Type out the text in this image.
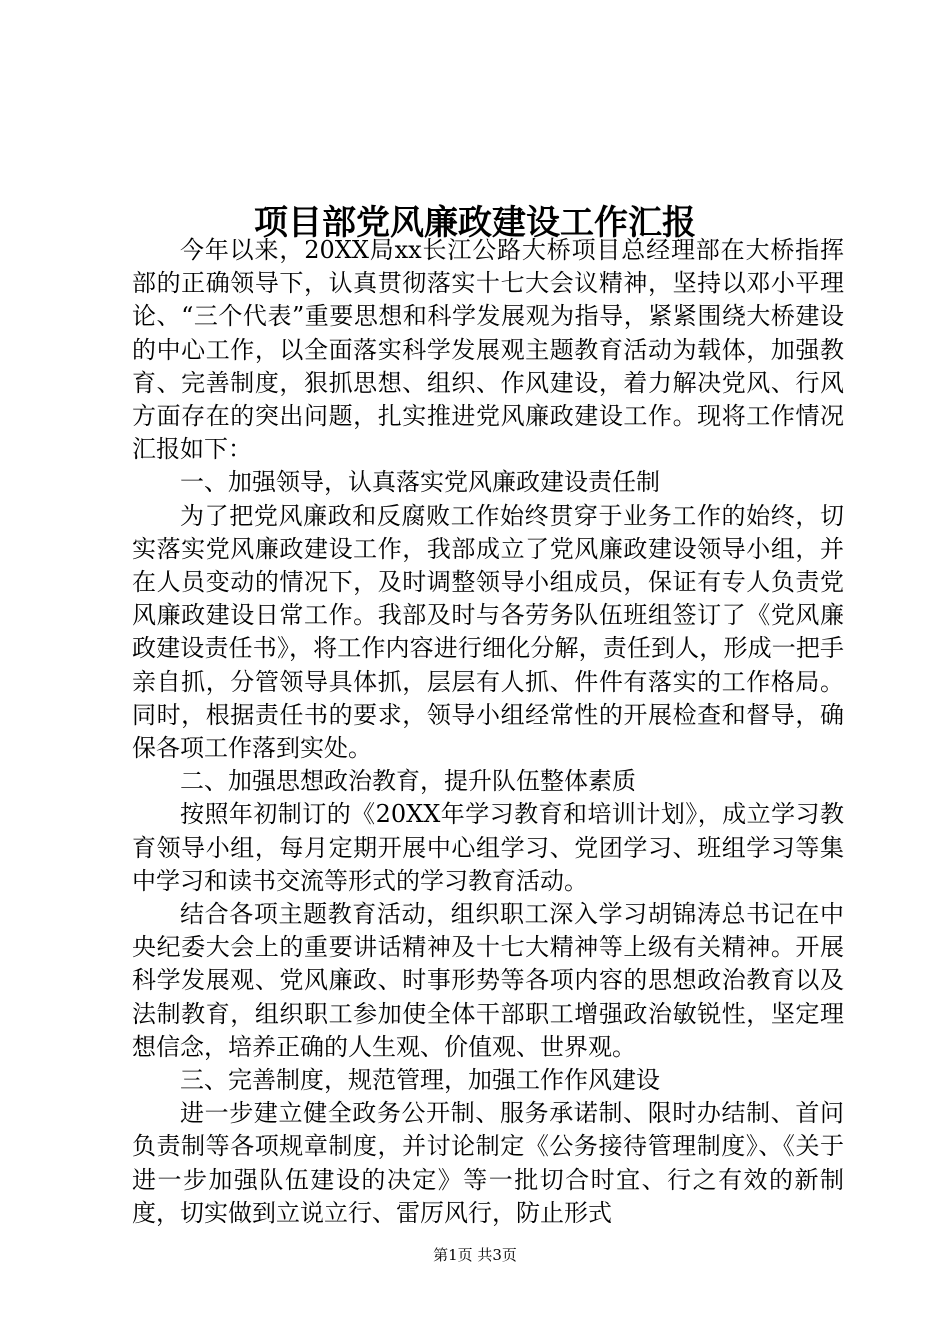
项目部党风廉政建设工作汇报

今年以来，20XX局xx长江公路大桥项目总经理部在大桥指挥部的正确领导下，认真贯彻落实十七大会议精神，坚持以邓小平理论、“三个代表”重要思想和科学发展观为指导，紧紧围绕大桥建设的中心工作，以全面落实科学发展观主题教育活动为载体，加强教育、完善制度，狠抓思想、组织、作风建设，着力解决党风、行风方面存在的突出问题，扎实推进党风廉政建设工作。现将工作情况汇报如下：

一、加强领导，认真落实党风廉政建设责任制

为了把党风廉政和反腐败工作始终贯穿于业务工作的始终，切实落实党风廉政建设工作，我部成立了党风廉政建设领导小组，并在人员变动的情况下，及时调整领导小组成员，保证有专人负责党风廉政建设日常工作。我部及时与各劳务队伍班组签订了《党风廉政建设责任书》，将工作内容进行细化分解，责任到人，形成一把手亲自抓，分管领导具体抓，层层有人抓、件件有落实的工作格局。同时，根据责任书的要求，领导小组经常性的开展检查和督导，确保各项工作落到实处。

二、加强思想政治教育，提升队伍整体素质

按照年初制订的《20XX年学习教育和培训计划》，成立学习教育领导小组，每月定期开展中心组学习、党团学习、班组学习等集中学习和读书交流等形式的学习教育活动。

结合各项主题教育活动，组织职工深入学习胡锦涛总书记在中央纪委大会上的重要讲话精神及十七大精神等上级有关精神。开展科学发展观、党风廉政、时事形势等各项内容的思想政治教育以及法制教育，组织职工参加使全体干部职工增强政治敏锐性，坚定理想信念，培养正确的人生观、价值观、世界观。

三、完善制度，规范管理，加强工作作风建设

进一步建立健全政务公开制、服务承诺制、限时办结制、首问负责制等各项规章制度，并讨论制定《公务接待管理制度》、《关于进一步加强队伍建设的决定》等一批切合时宜、行之有效的新制度，切实做到立说立行、雷厉风行，防止形式

第1页 共3页
